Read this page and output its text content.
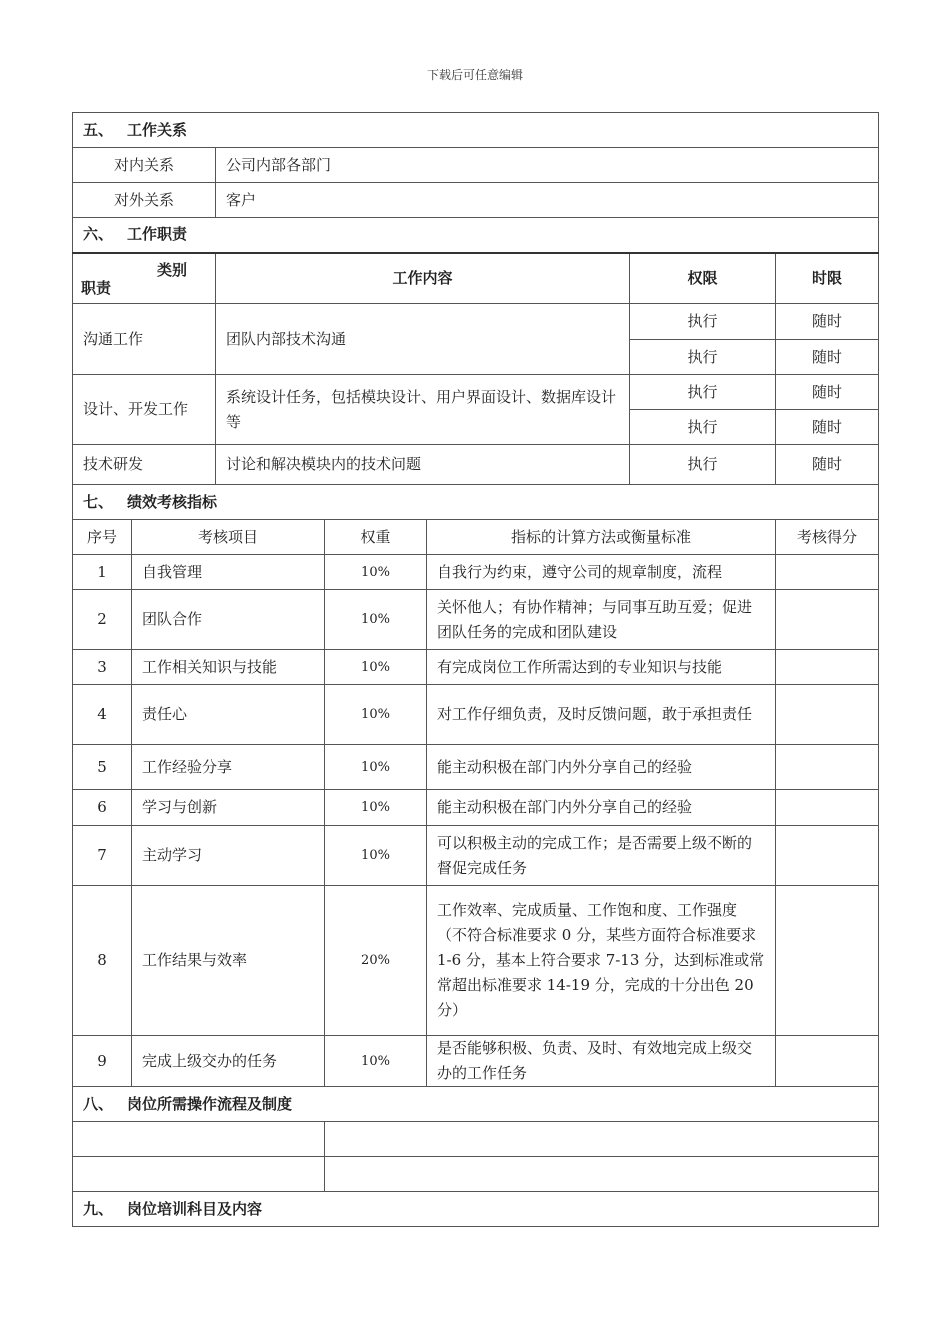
下载后可任意编辑
五、 工作关系						
对内关系		公司内部各部门				
对外关系		客户				
六、 工作职责						

类别
职责		工作内容			权限	时限
沟通工作		团队内部技术沟通			执行	随时
					执行	随时
设计、开发工作		系统设计任务，包括模块设计、用户界面设计、数据库设计等			执行	随时
					执行	随时
技术研发		讨论和解决模块内的技术问题			执行	随时
七、 绩效考核指标						
序号	考核项目		权重	指标的计算方法或衡量标准		考核得分
1	自我管理		10%	自我行为约束，遵守公司的规章制度，流程		
2	团队合作		10%	关怀他人；有协作精神；与同事互助互爱；促进团队任务的完成和团队建设		
3	工作相关知识与技能		10%	有完成岗位工作所需达到的专业知识与技能		
4	责任心		10%	对工作仔细负责，及时反馈问题，敢于承担责任		
5	工作经验分享		10%	能主动积极在部门内外分享自己的经验		
6	学习与创新		10%	能主动积极在部门内外分享自己的经验		
7	主动学习		10%	可以积极主动的完成工作；是否需要上级不断的督促完成任务		
8	工作结果与效率		20%	工作效率、完成质量、工作饱和度、工作强度
（不符合标准要求 0 分，某些方面符合标准要求 1-6 分，基本上符合要求 7-13 分，达到标准或常常超出标准要求 14-19 分，完成的十分出色 20 分）		

9	完成上级交办的任务		10%	是否能够积极、负责、及时、有效地完成上级交办的工作任务		
八、 岗位所需操作流程及制度						

九、 岗位培训科目及内容						
